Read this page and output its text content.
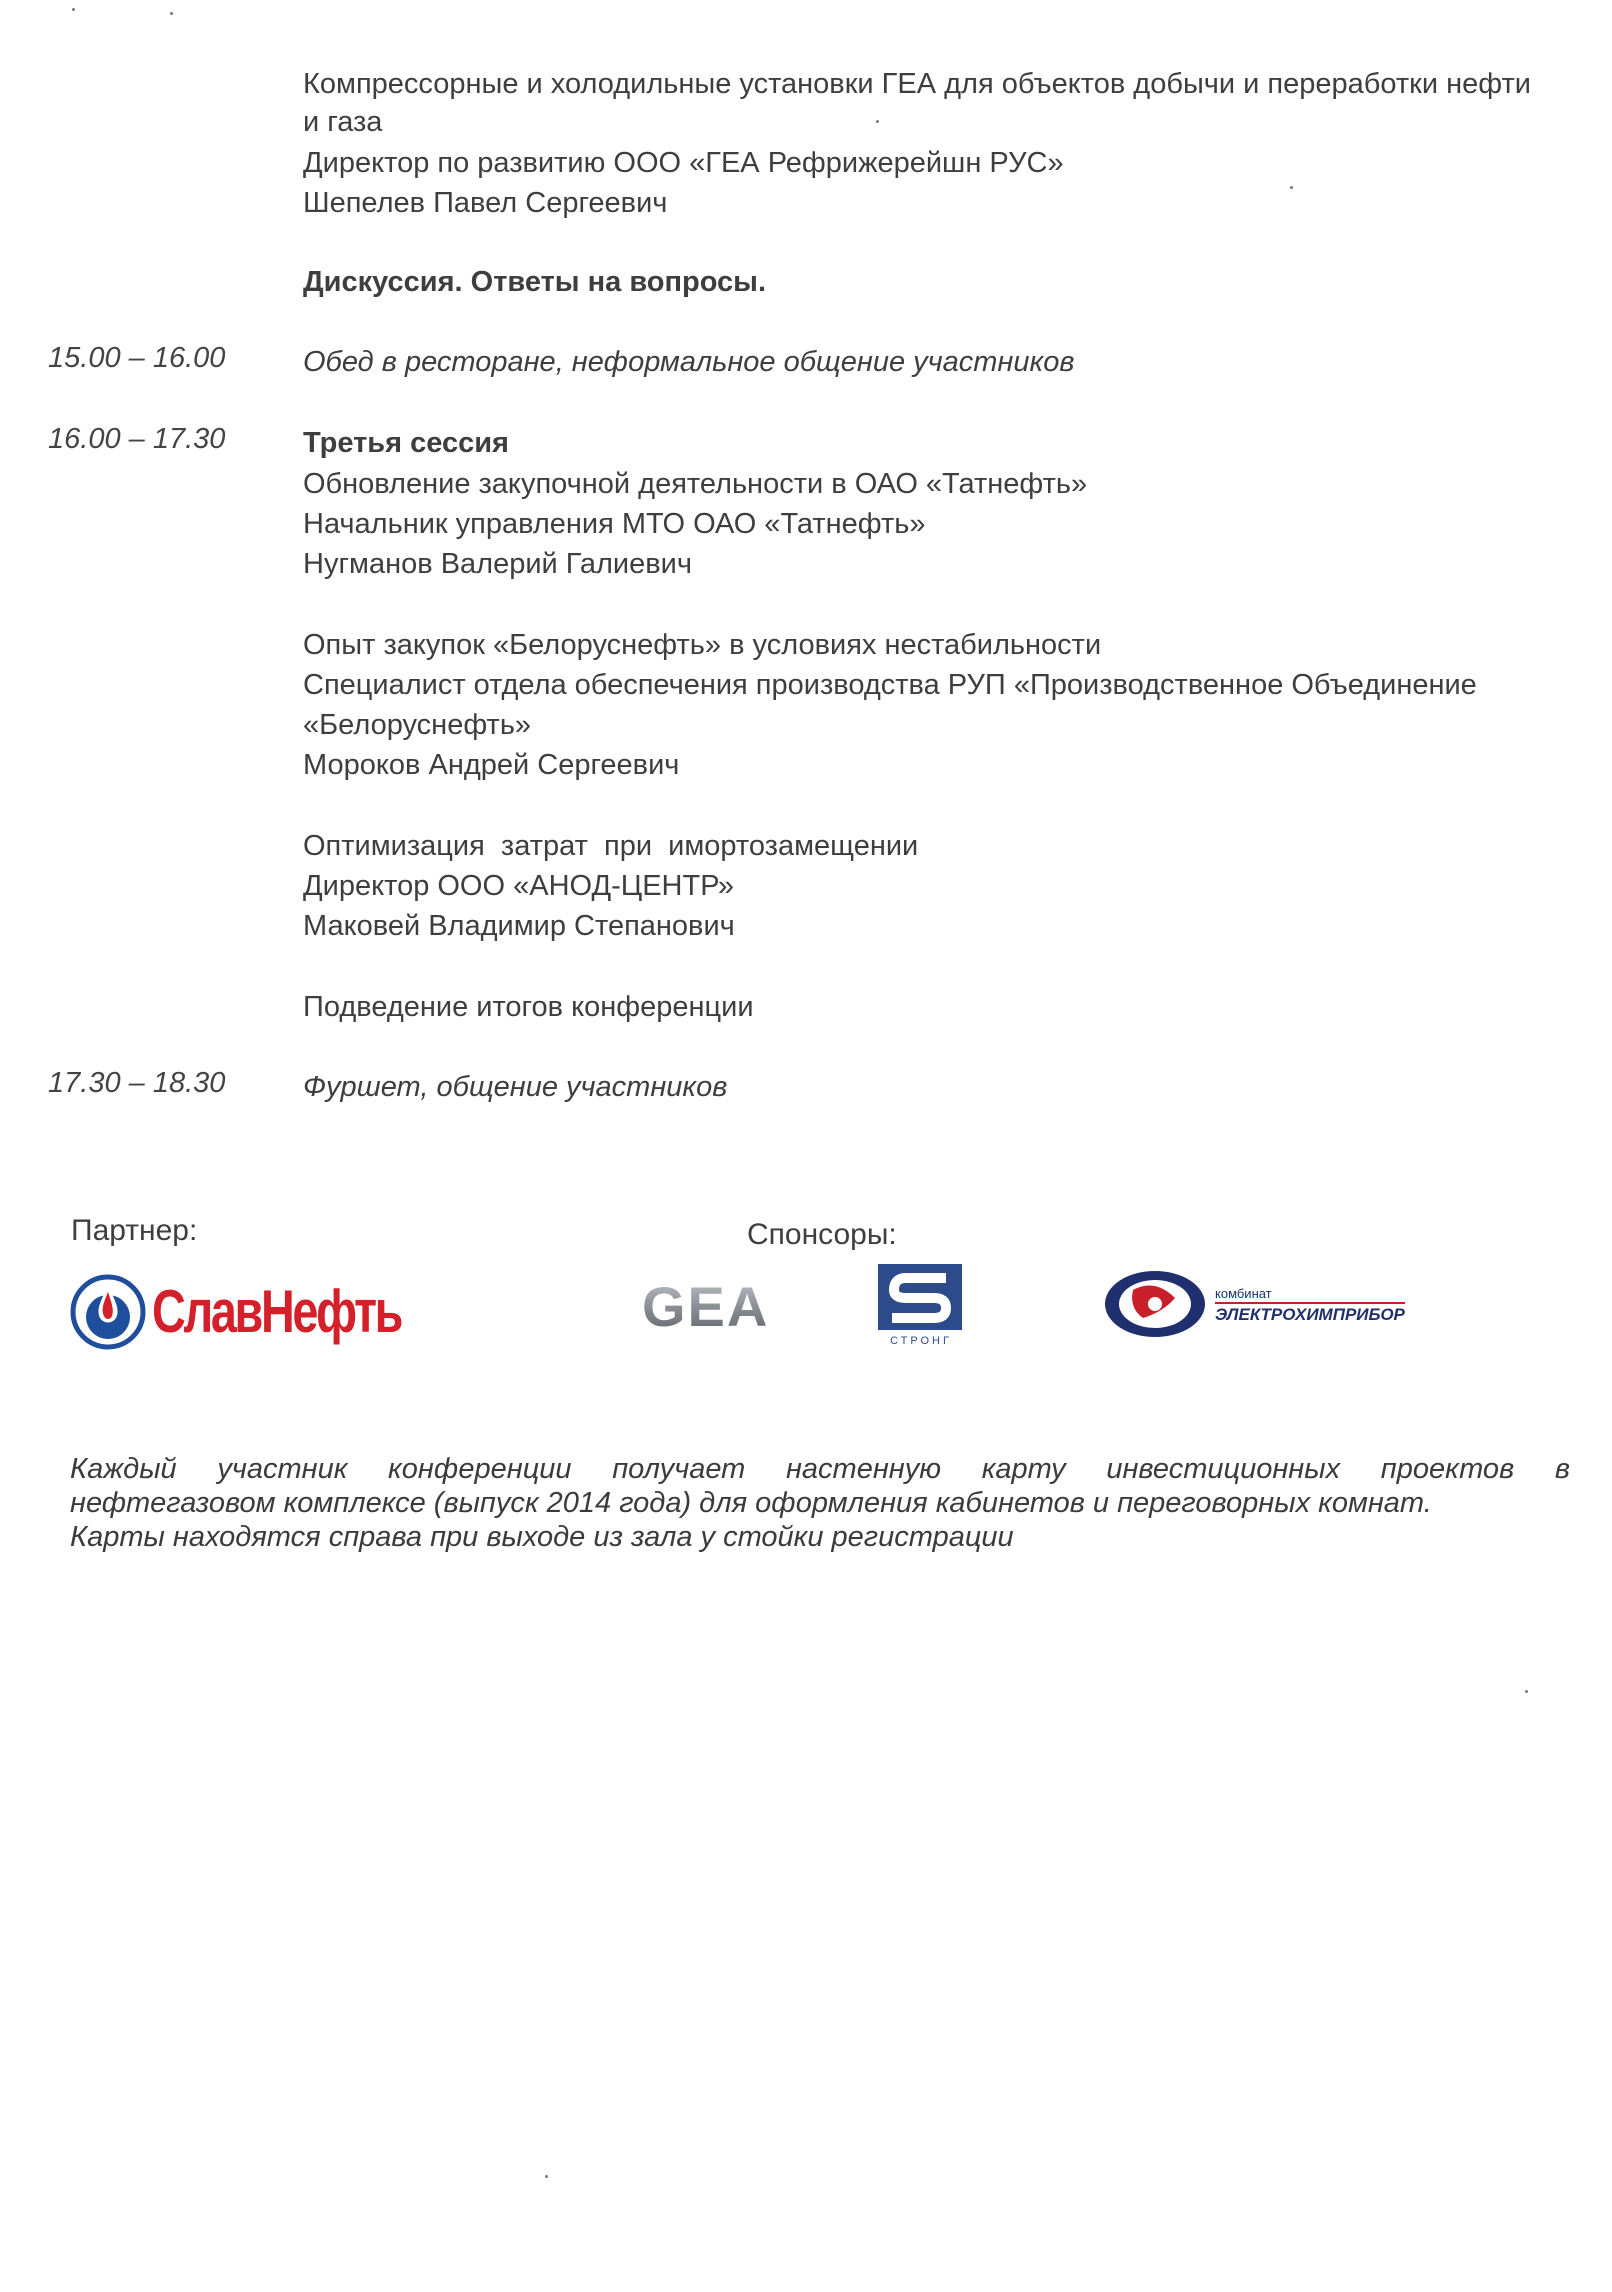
Компрессорные и холодильные установки ГЕА для объектов добычи и переработки нефти
и газа
Директор по развитию ООО «ГЕА Рефрижерейшн РУС»
Шепелев Павел Сергеевич
Дискуссия. Ответы на вопросы.
15.00 – 16.00	Обед в ресторане, неформальное общение участников
16.00 – 17.30	Третья сессия
Обновление закупочной деятельности в ОАО «Татнефть»
Начальник управления МТО ОАО «Татнефть»
Нугманов Валерий Галиевич
Опыт закупок «Белоруснефть» в условиях нестабильности
Специалист отдела обеспечения производства РУП «Производственное Объединение
«Белоруснефть»
Мороков Андрей Сергеевич
Оптимизация  затрат  при  имортозамещении
Директор ООО «АНОД-ЦЕНТР»
Маковей Владимир Степанович
Подведение итогов конференции
17.30 – 18.30	Фуршет, общение участников
Партнер:	Спонсоры:
СлавНефть	GEA
СТРОНГ
комбинат
ЭЛЕКТРОХИМПРИБОР
Каждый участник конференции получает настенную карту инвестиционных проектов в
нефтегазовом комплексе (выпуск 2014 года) для оформления кабинетов и переговорных комнат.
Карты находятся справа при выходе из зала у стойки регистрации
